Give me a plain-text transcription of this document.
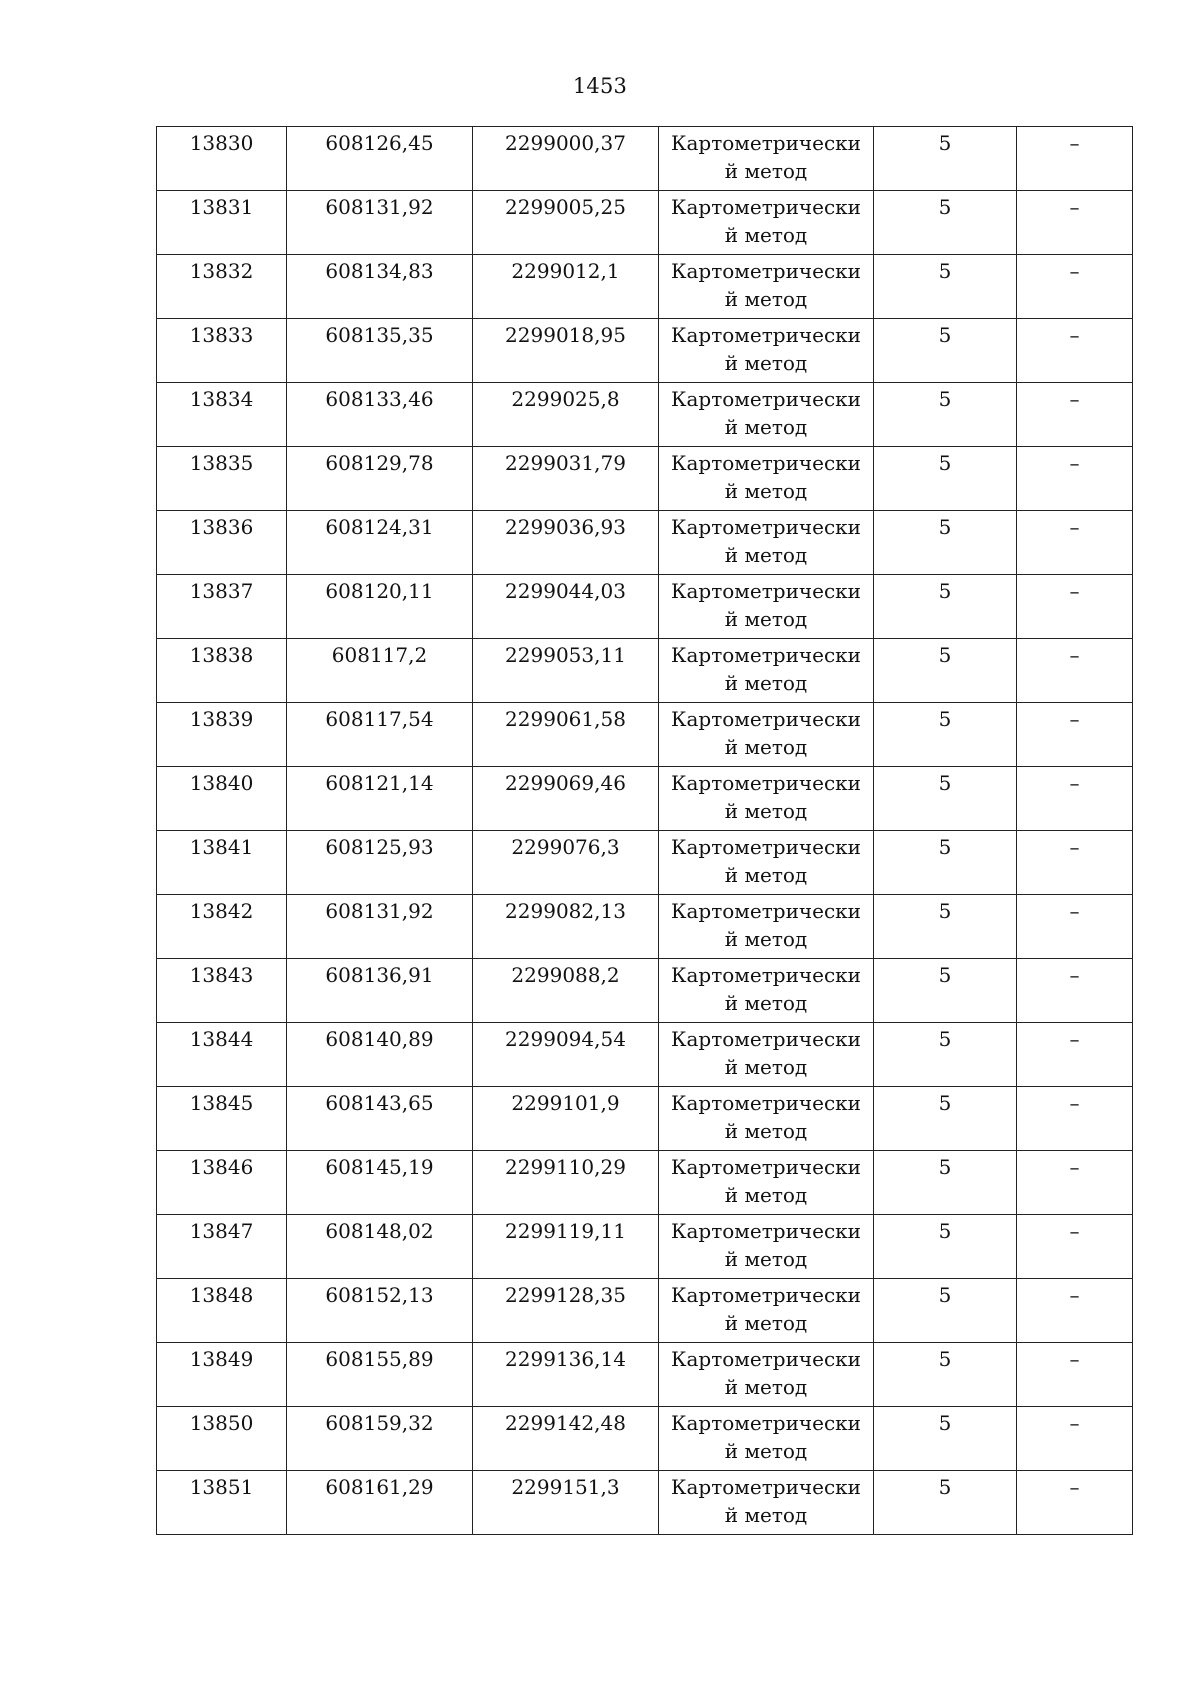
1453
13830	608126,45	2299000,37	Картометрический метод	5	–

13831	608131,92	2299005,25	Картометрический метод	5	–

13832	608134,83	2299012,1	Картометрический метод	5	–

13833	608135,35	2299018,95	Картометрический метод	5	–

13834	608133,46	2299025,8	Картометрический метод	5	–

13835	608129,78	2299031,79	Картометрический метод	5	–

13836	608124,31	2299036,93	Картометрический метод	5	–

13837	608120,11	2299044,03	Картометрический метод	5	–

13838	608117,2	2299053,11	Картометрический метод	5	–

13839	608117,54	2299061,58	Картометрический метод	5	–

13840	608121,14	2299069,46	Картометрический метод	5	–

13841	608125,93	2299076,3	Картометрический метод	5	–

13842	608131,92	2299082,13	Картометрический метод	5	–

13843	608136,91	2299088,2	Картометрический метод	5	–

13844	608140,89	2299094,54	Картометрический метод	5	–

13845	608143,65	2299101,9	Картометрический метод	5	–

13846	608145,19	2299110,29	Картометрический метод	5	–

13847	608148,02	2299119,11	Картометрический метод	5	–

13848	608152,13	2299128,35	Картометрический метод	5	–

13849	608155,89	2299136,14	Картометрический метод	5	–

13850	608159,32	2299142,48	Картометрический метод	5	–

13851	608161,29	2299151,3	Картометрический метод	5	–
